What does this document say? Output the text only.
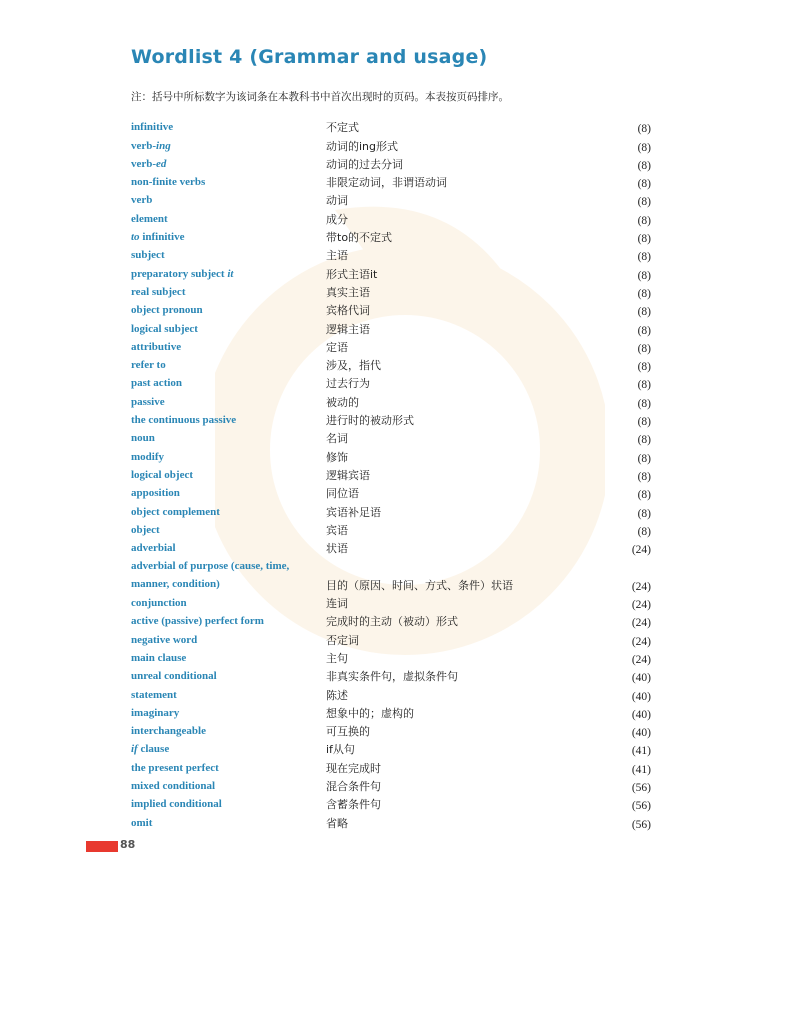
Wordlist 4 (Grammar and usage)
注：括号中所标数字为该词条在本教科书中首次出现时的页码。本表按页码排序。
infinitive	不定式	(8)
verb-ing	动词的ing形式	(8)
verb-ed	动词的过去分词	(8)
non-finite verbs	非限定动词，非谓语动词	(8)
verb	动词	(8)
element	成分	(8)
to infinitive	带to的不定式	(8)
subject	主语	(8)
preparatory subject it	形式主语it	(8)
real subject	真实主语	(8)
object pronoun	宾格代词	(8)
logical subject	逻辑主语	(8)
attributive	定语	(8)
refer to	涉及，指代	(8)
past action	过去行为	(8)
passive	被动的	(8)
the continuous passive	进行时的被动形式	(8)
noun	名词	(8)
modify	修饰	(8)
logical object	逻辑宾语	(8)
apposition	同位语	(8)
object complement	宾语补足语	(8)
object	宾语	(8)
adverbial	状语	(24)
adverbial of purpose (cause, time,
manner, condition)	目的（原因、时间、方式、条件）状语	(24)
conjunction	连词	(24)
active (passive) perfect form	完成时的主动（被动）形式	(24)
negative word	否定词	(24)
main clause	主句	(24)
unreal conditional	非真实条件句，虚拟条件句	(40)
statement	陈述	(40)
imaginary	想象中的；虚构的	(40)
interchangeable	可互换的	(40)
if clause	if从句	(41)
the present perfect	现在完成时	(41)
mixed conditional	混合条件句	(56)
implied conditional	含蓄条件句	(56)
omit	省略	(56)
88
